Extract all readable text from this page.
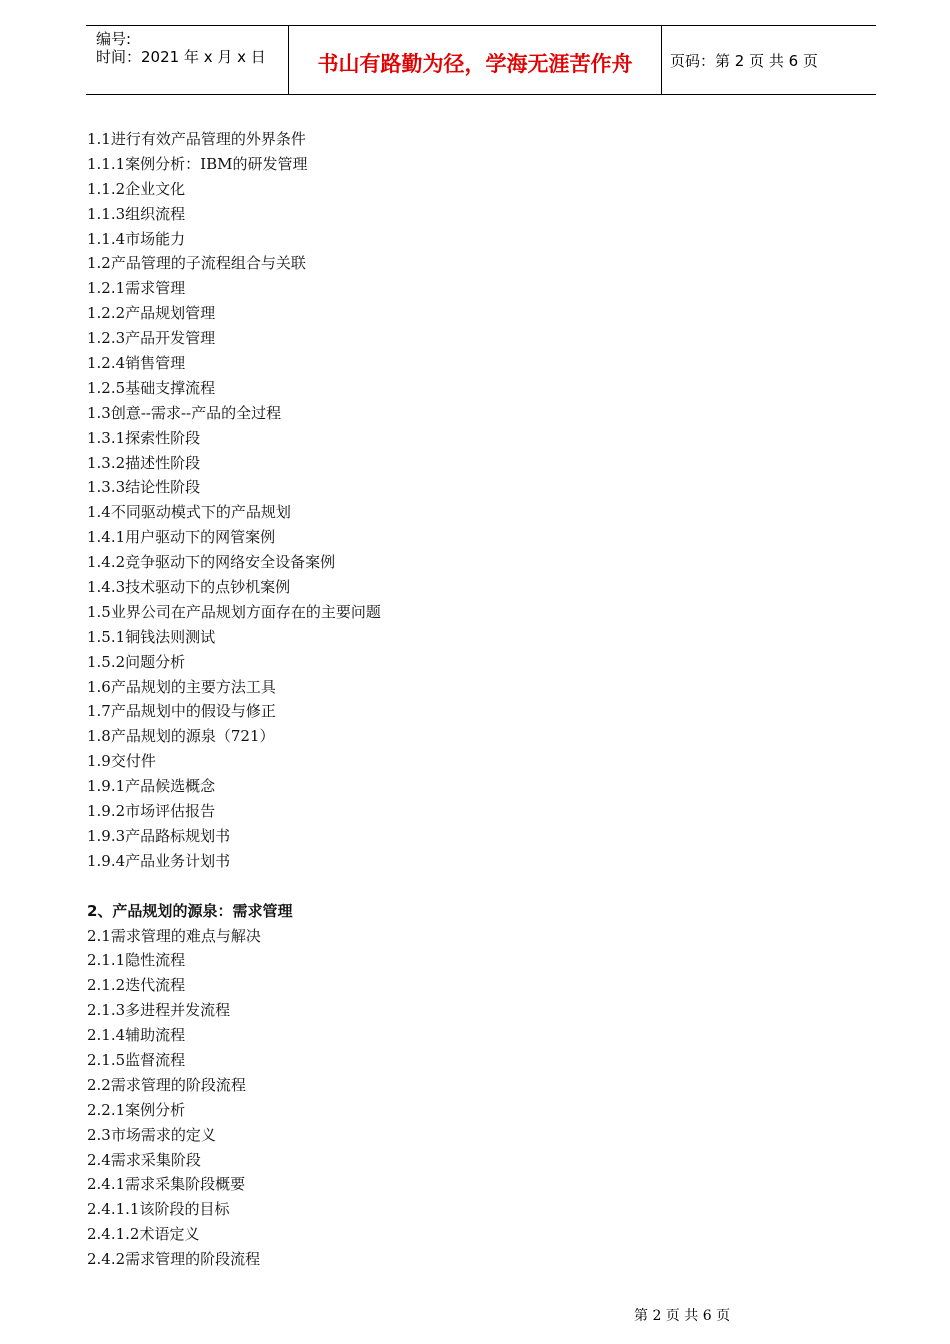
编号:
时间：2021 年 x 月 x 日	书山有路勤为径，学海无涯苦作舟	页码：第 2 页 共 6 页
1.1进行有效产品管理的外界条件
1.1.1案例分析：IBM的研发管理
1.1.2企业文化
1.1.3组织流程
1.1.4市场能力
1.2产品管理的子流程组合与关联
1.2.1需求管理
1.2.2产品规划管理
1.2.3产品开发管理
1.2.4销售管理
1.2.5基础支撑流程
1.3创意--需求--产品的全过程
1.3.1探索性阶段
1.3.2描述性阶段
1.3.3结论性阶段
1.4不同驱动模式下的产品规划
1.4.1用户驱动下的网管案例
1.4.2竞争驱动下的网络安全设备案例
1.4.3技术驱动下的点钞机案例
1.5业界公司在产品规划方面存在的主要问题
1.5.1铜钱法则测试
1.5.2问题分析
1.6产品规划的主要方法工具
1.7产品规划中的假设与修正
1.8产品规划的源泉（721）
1.9交付件
1.9.1产品候选概念
1.9.2市场评估报告
1.9.3产品路标规划书
1.9.4产品业务计划书
2、产品规划的源泉：需求管理
2.1需求管理的难点与解决
2.1.1隐性流程
2.1.2迭代流程
2.1.3多进程并发流程
2.1.4辅助流程
2.1.5监督流程
2.2需求管理的阶段流程
2.2.1案例分析
2.3市场需求的定义
2.4需求采集阶段
2.4.1需求采集阶段概要
2.4.1.1该阶段的目标
2.4.1.2术语定义
2.4.2需求管理的阶段流程
第 2 页 共 6 页
